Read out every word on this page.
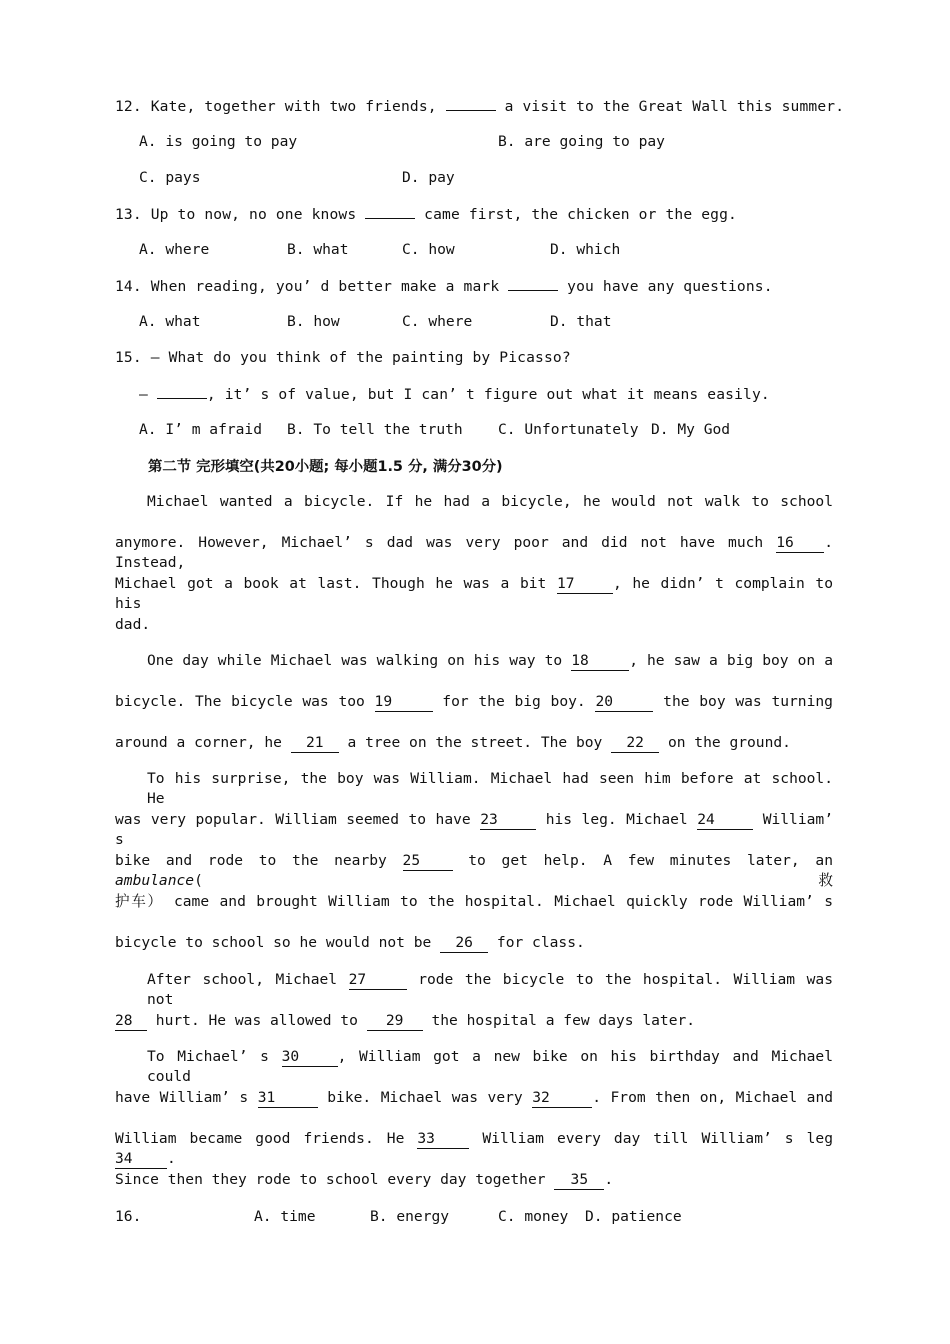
12. Kate, together with two friends,	a visit to the Great Wall this summer.
A. is going to pay	B. are going to pay
C. pays	D. pay
13. Up to now, no one knows	came first, the chicken or the egg.
A. where	B. what	C. how	D. which
14. When reading, you’ d better make a mark	you have any questions.
A. what	B. how	C. where	D. that
15. — What do you think of the painting by Picasso?
—	, it’ s of value, but I can’ t figure out what it means easily.
A. I’ m afraid B. To tell the truth C. Unfortunately D. My God
第二节 完形填空(共20小题; 每小题1.5 分, 满分30分)
Michael wanted a bicycle. If he had a bicycle, he would not walk to school
anymore. However, Michael’ s dad was very poor and did not have much 16 . Instead,
Michael got a book at last. Though he was a bit 17	, he didn’ t complain to his
dad.
One day while Michael was walking on his way to 18	, he saw a big boy on a
bicycle. The bicycle was too 19	for the big boy. 20	the boy was turning
around a corner, he 21 a tree on the street. The boy 22 on the ground.
To his surprise, the boy was William. Michael had seen him before at school. He
was very popular. William seemed to have 23	his leg. Michael 24	William’ s
bike and rode to the nearby 25	to get help. A few minutes later, an ambulance(救
护车） came and brought William to the hospital. Michael quickly rode William’ s
bicycle to school so he would not be 26 for class.
After school, Michael 27	rode the bicycle to the hospital. William was not
28 hurt. He was allowed to 29 the hospital a few days later.
To Michael’ s 30	, William got a new bike on his birthday and Michael could
have William’ s 31	bike. Michael was very 32	. From then on, Michael and
William became good friends. He 33	William every day till William’ s leg 34 .
Since then they rode to school every day together 35 .
16.	A. time	B. energy	C. money D. patience
